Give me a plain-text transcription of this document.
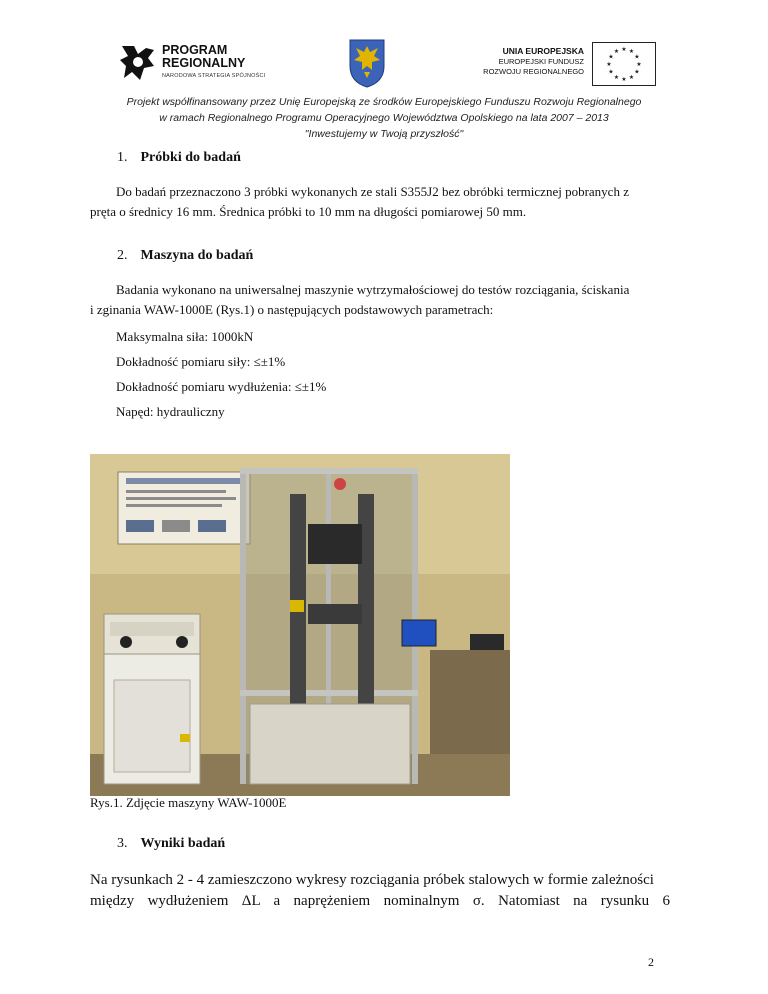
PROGRAM
REGIONALNY
NARODOWA STRATEGIA SPÓJNOŚCI
UNIA EUROPEJSKA
EUROPEJSKI FUNDUSZ
ROZWOJU REGIONALNEGO
★ ★
★
★
★
★
★
★
★
★
★
★
Projekt współfinansowany przez Unię Europejską ze środków Europejskiego Funduszu Rozwoju Regionalnego
w ramach Regionalnego Programu Operacyjnego Województwa Opolskiego na lata 2007 – 2013
"Inwestujemy w Twoją przyszłość"
1. Próbki do badań
Do badań przeznaczono 3 próbki wykonanych ze stali S355J2 bez obróbki termicznej pobranych z
pręta o średnicy 16 mm. Średnica próbki to 10 mm na długości pomiarowej 50 mm.
2. Maszyna do badań
Badania wykonano na uniwersalnej maszynie wytrzymałościowej do testów rozciągania, ściskania
i zginania WAW-1000E (Rys.1) o następujących podstawowych parametrach:
Maksymalna siła: 1000kN
Dokładność pomiaru siły: ≤±1%
Dokładność pomiaru wydłużenia: ≤±1%
Napęd: hydrauliczny
Rys.1. Zdjęcie maszyny WAW-1000E
3. Wyniki badań
Na rysunkach 2 - 4 zamieszczono wykresy rozciągania próbek stalowych w formie zależności
między wydłużeniem ΔL a naprężeniem nominalnym σ. Natomiast na rysunku 6
2
